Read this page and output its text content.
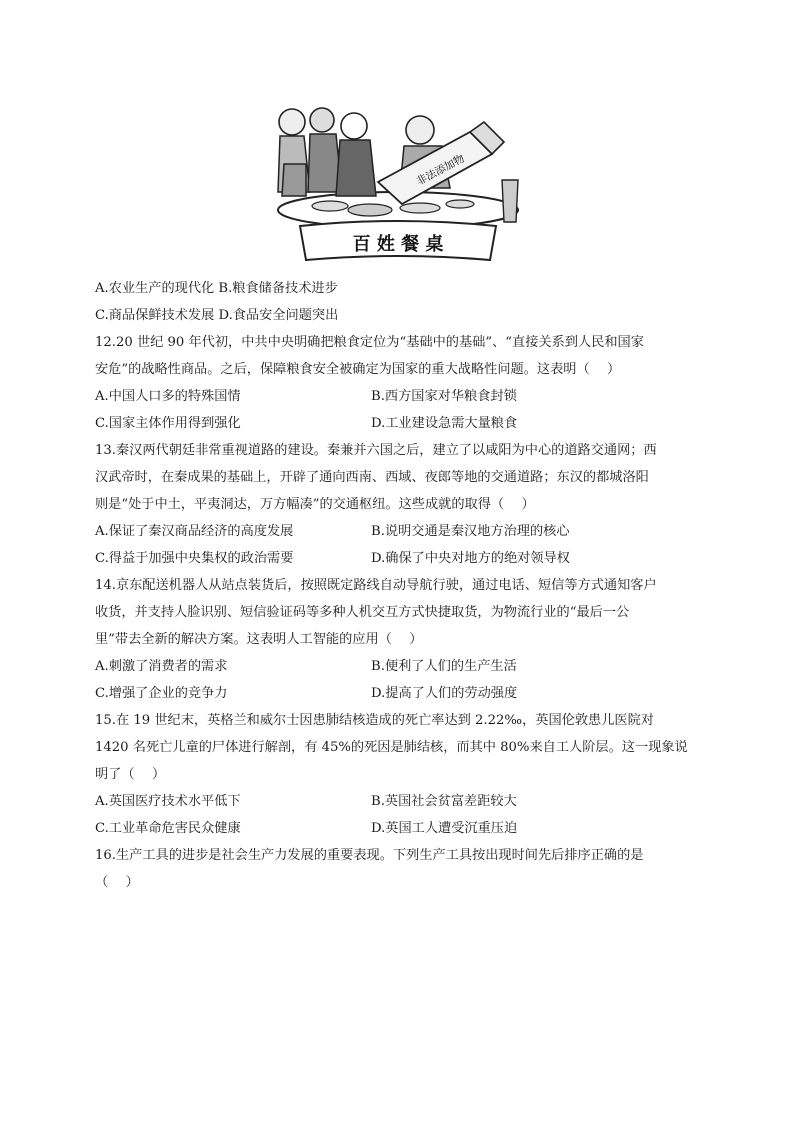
非法添加物
百 姓 餐 桌
A.农业生产的现代化 B.粮食储备技术进步
C.商品保鲜技术发展 D.食品安全问题突出
12.20 世纪 90 年代初，中共中央明确把粮食定位为“基础中的基础”、“直接关系到人民和国家
安危”的战略性商品。之后，保障粮食安全被确定为国家的重大战略性问题。这表明（　 ）
A.中国人口多的特殊国情	B.西方国家对华粮食封锁
C.国家主体作用得到强化	D.工业建设急需大量粮食
13.秦汉两代朝廷非常重视道路的建设。秦兼并六国之后，建立了以咸阳为中心的道路交通网；西
汉武帝时，在秦成果的基础上，开辟了通向西南、西域、夜郎等地的交通道路；东汉的都城洛阳
则是“处于中土，平夷洞达，万方幅凑”的交通枢纽。这些成就的取得（　 ）
A.保证了秦汉商品经济的高度发展	B.说明交通是秦汉地方治理的核心
C.得益于加强中央集权的政治需要	D.确保了中央对地方的绝对领导权
14.京东配送机器人从站点装货后，按照既定路线自动导航行驶，通过电话、短信等方式通知客户
收货，并支持人脸识别、短信验证码等多种人机交互方式快捷取货，为物流行业的“最后一公
里”带去全新的解决方案。这表明人工智能的应用（　 ）
A.刺激了消费者的需求	B.便利了人们的生产生活
C.增强了企业的竞争力	D.提高了人们的劳动强度
15.在 19 世纪末，英格兰和威尔士因患肺结核造成的死亡率达到 2.22‰，英国伦敦患儿医院对
1420 名死亡儿童的尸体进行解剖，有 45%的死因是肺结核，而其中 80%来自工人阶层。这一现象说
明了（　 ）
A.英国医疗技术水平低下	B.英国社会贫富差距较大
C.工业革命危害民众健康	D.英国工人遭受沉重压迫
16.生产工具的进步是社会生产力发展的重要表现。下列生产工具按出现时间先后排序正确的是
（　 ）
